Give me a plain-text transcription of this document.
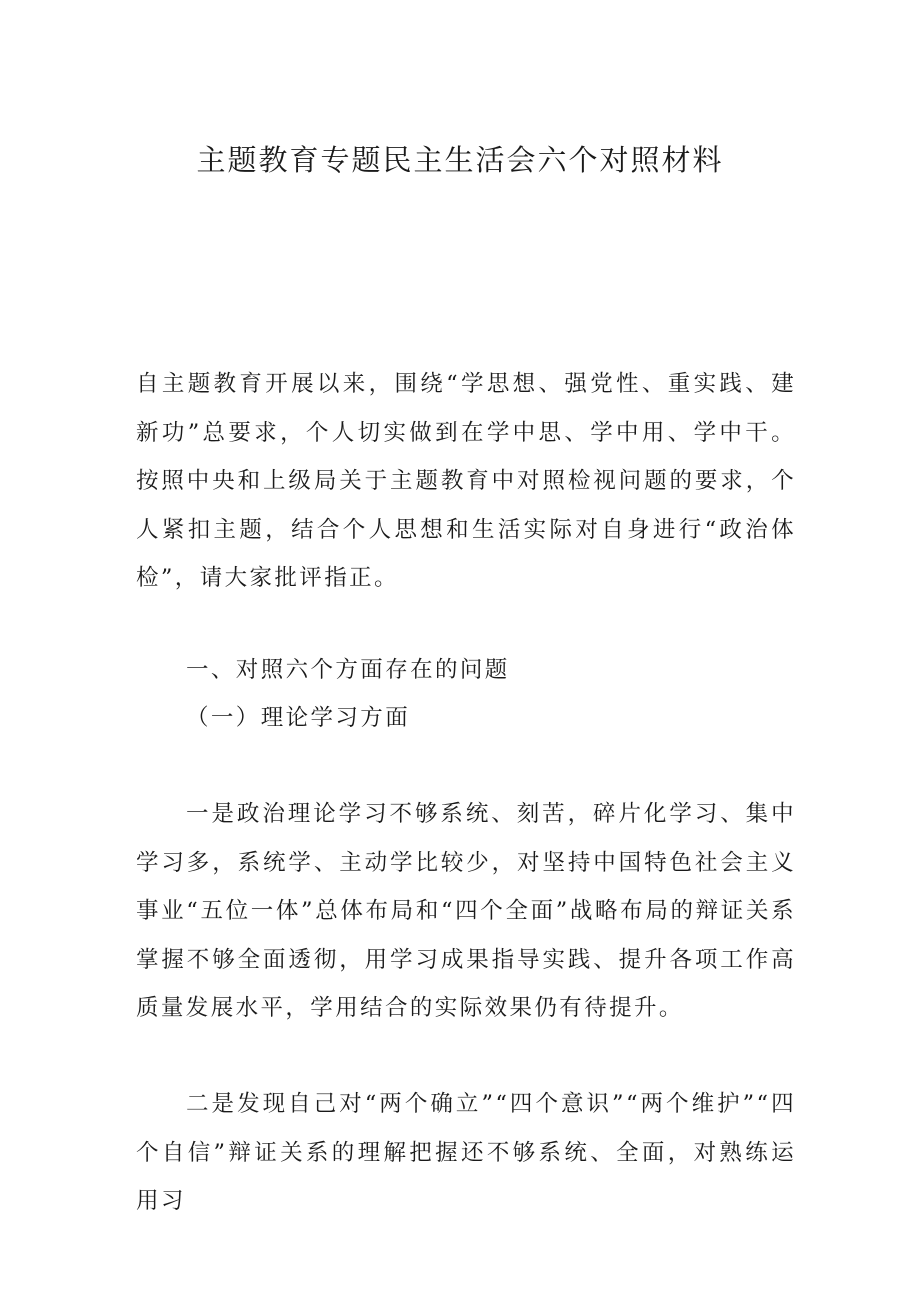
主题教育专题民主生活会六个对照材料

自主题教育开展以来，围绕“学思想、强党性、重实践、建新功”总要求，个人切实做到在学中思、学中用、学中干。按照中央和上级局关于主题教育中对照检视问题的要求，个人紧扣主题，结合个人思想和生活实际对自身进行“政治体检”，请大家批评指正。

一、对照六个方面存在的问题

（一）理论学习方面

一是政治理论学习不够系统、刻苦，碎片化学习、集中学习多，系统学、主动学比较少，对坚持中国特色社会主义事业“五位一体”总体布局和“四个全面”战略布局的辩证关系掌握不够全面透彻，用学习成果指导实践、提升各项工作高质量发展水平，学用结合的实际效果仍有待提升。

二是发现自己对“两个确立”“四个意识”“两个维护”“四个自信”辩证关系的理解把握还不够系统、全面，对熟练运用习
